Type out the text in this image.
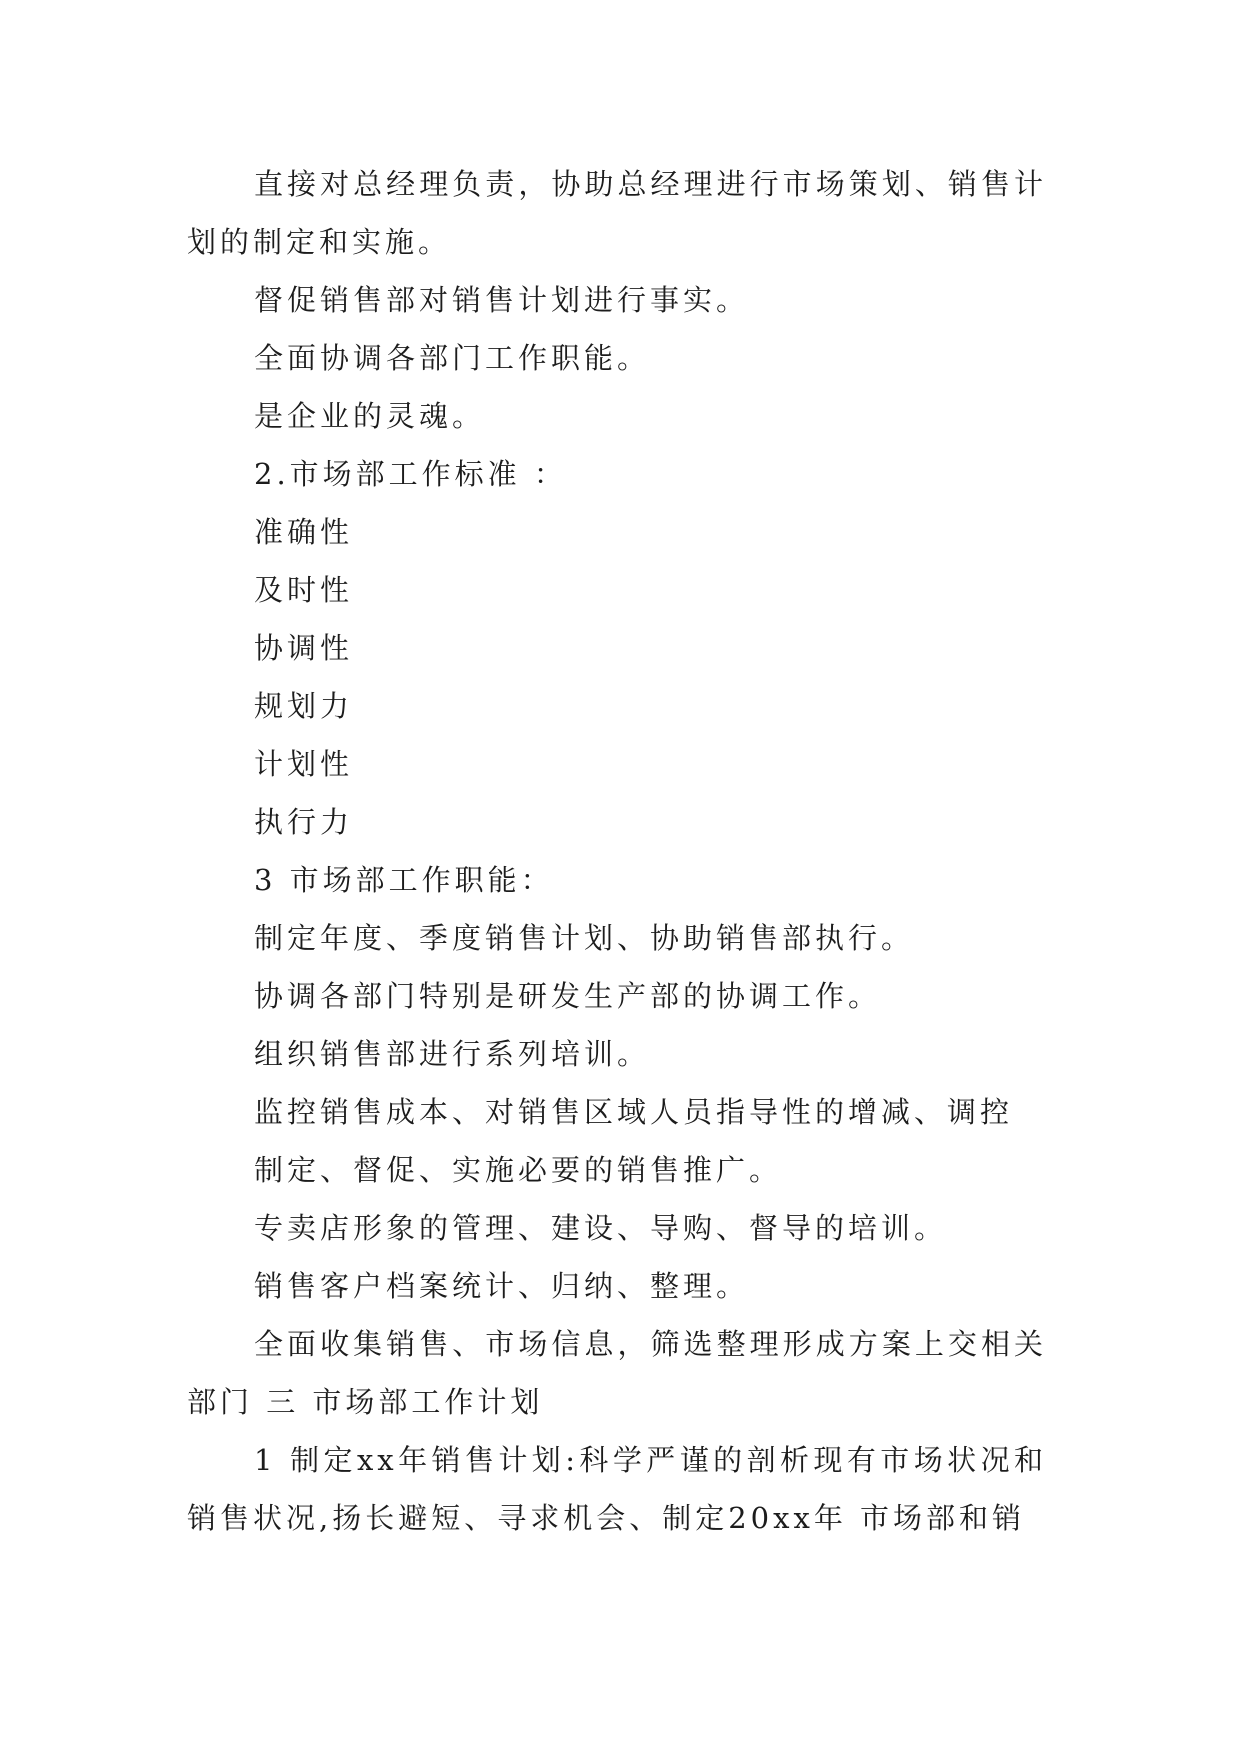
直接对总经理负责，协助总经理进行市场策划、销售计划的制定和实施。

督促销售部对销售计划进行事实。

全面协调各部门工作职能。

是企业的灵魂。

2.市场部工作标准 ：

准确性

及时性

协调性

规划力

计划性

执行力

3 市场部工作职能：

制定年度、季度销售计划、协助销售部执行。

协调各部门特别是研发生产部的协调工作。

组织销售部进行系列培训。

监控销售成本、对销售区域人员指导性的增减、调控

制定、督促、实施必要的销售推广。

专卖店形象的管理、建设、导购、督导的培训。

销售客户档案统计、归纳、整理。

全面收集销售、市场信息，筛选整理形成方案上交相关部门 三 市场部工作计划

1 制定xx年销售计划:科学严谨的剖析现有市场状况和销售状况,扬长避短、寻求机会、制定20xx年 市场部和销
